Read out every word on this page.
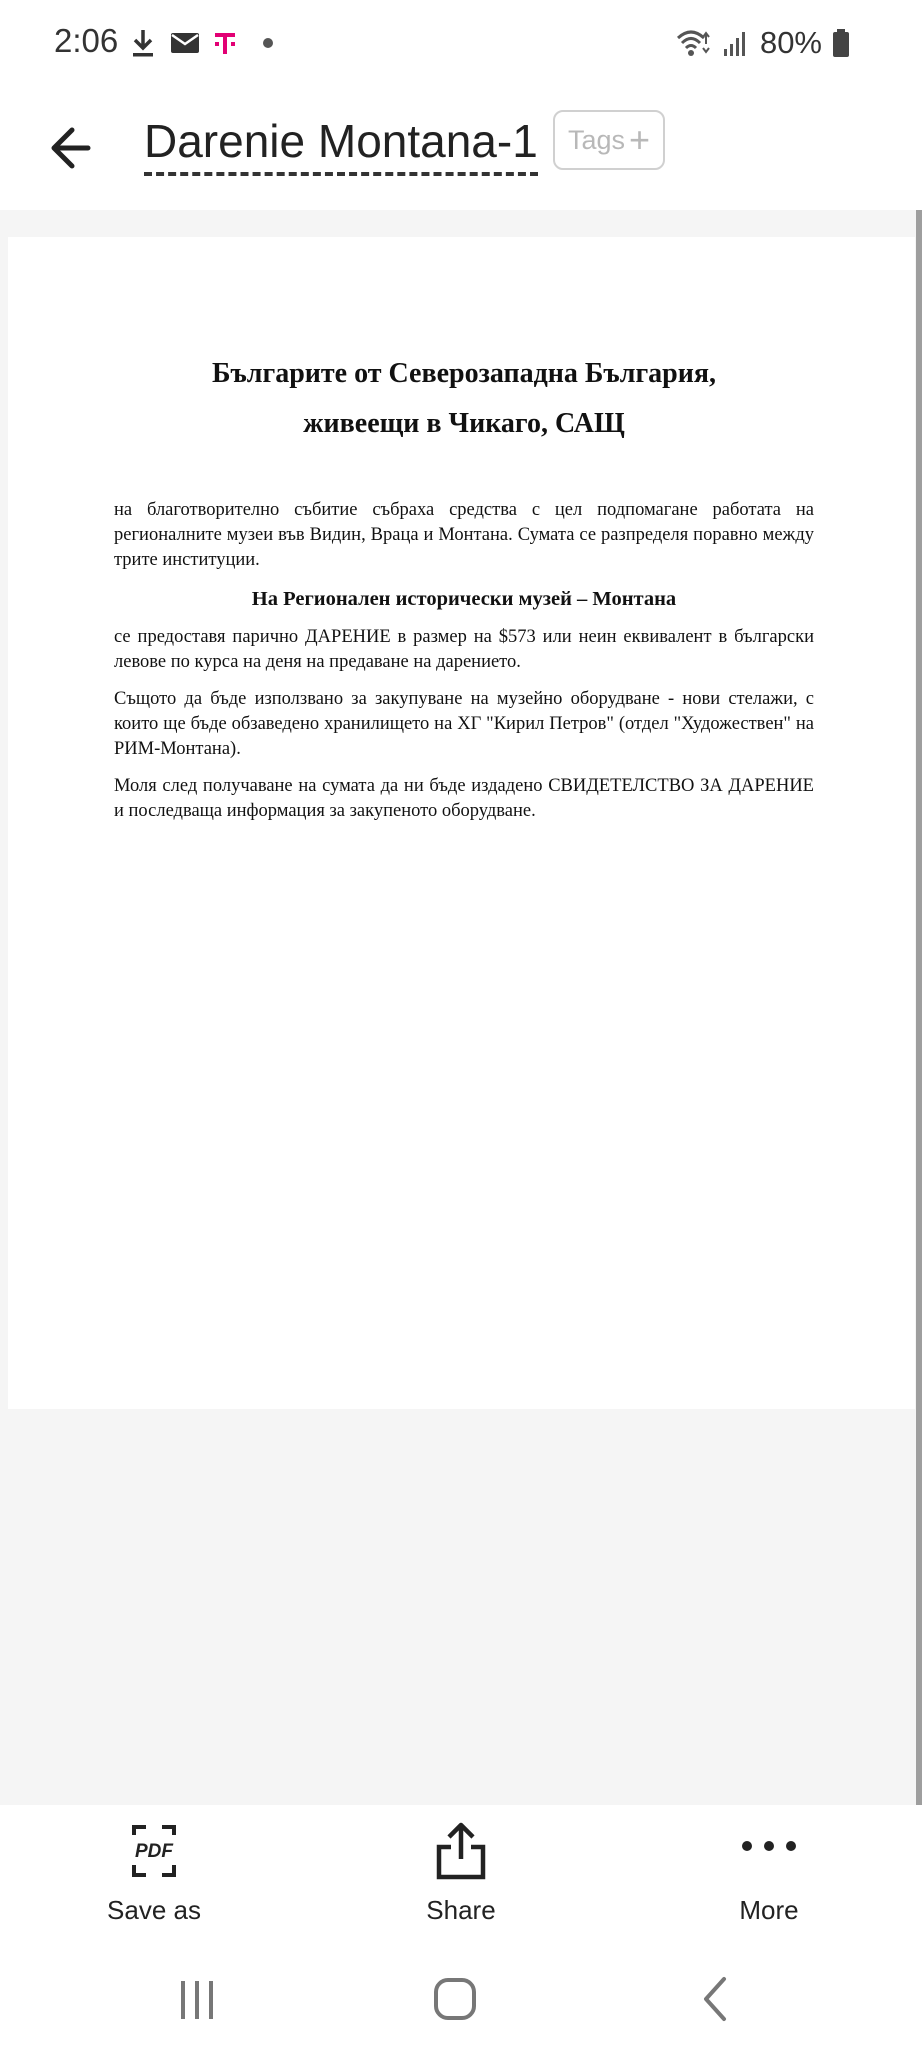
2:06	80%
Darenie Montana-1 Tags +

Българите от Северозападна България,

живеещи в Чикаго, САЩ

на благотворително събитие събраха средства с цел подпомагане работата на регионалните музеи във Видин, Враца и Монтана. Сумата се разпределя поравно между трите институции.

На Регионален исторически музей – Монтана

се предоставя парично ДАРЕНИЕ в размер на $573 или неин еквивалент в български левове по курса на деня на предаване на дарението.

Същото да бъде използвано за закупуване на музейно оборудване - нови стелажи, с които ще бъде обзаведено хранилището на ХГ "Кирил Петров" (отдел "Художествен" на РИМ-Монтана).

Моля след получаване на сумата да ни бъде издадено СВИДЕТЕЛСТВО ЗА ДАРЕНИЕ и последваща информация за закупеното оборудване.

PDF
Save as	Share	More
